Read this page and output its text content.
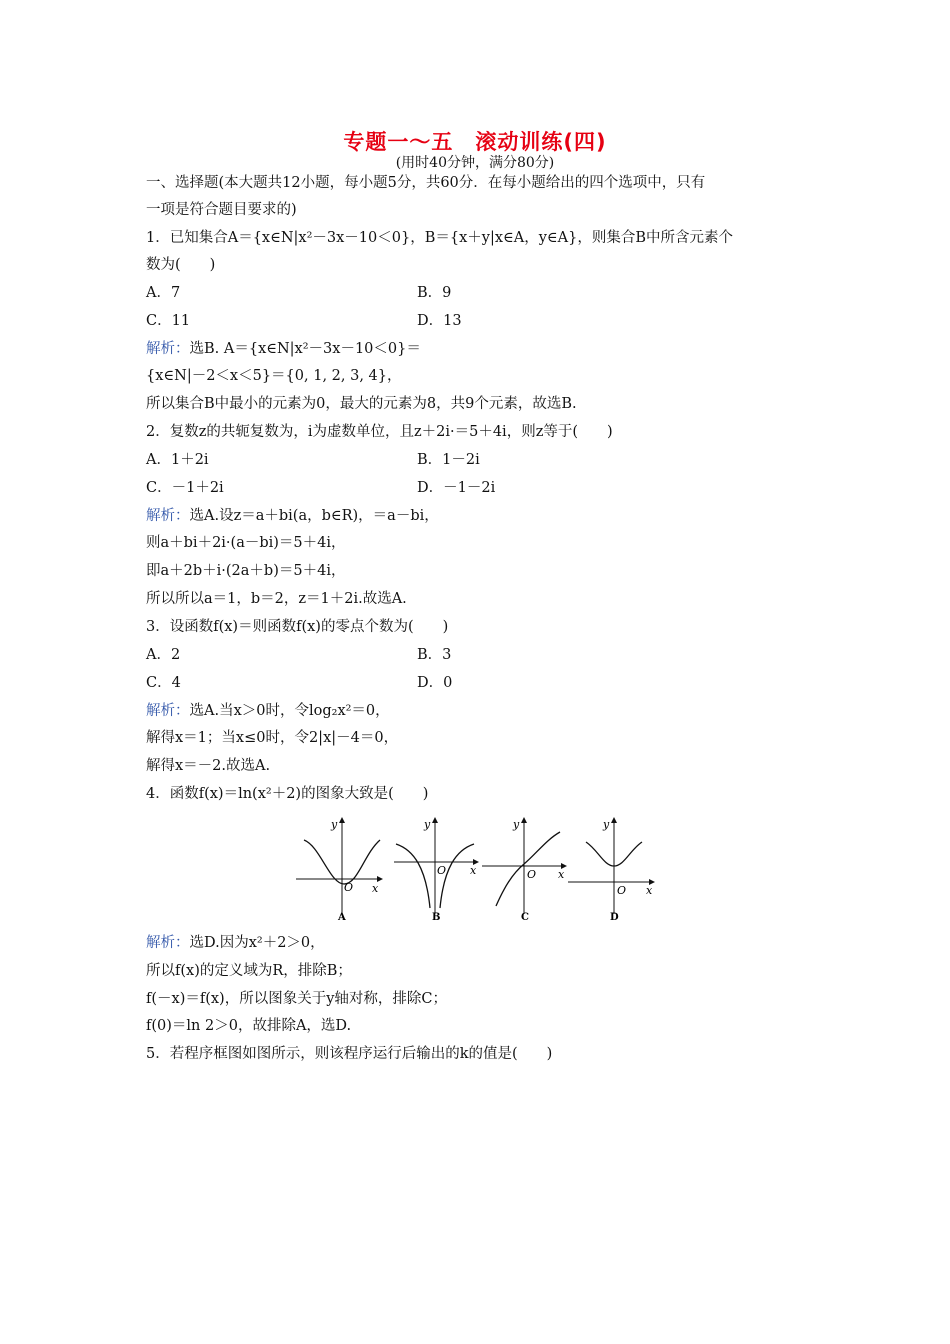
专题一～五　滚动训练(四)
(用时40分钟，满分80分)
一、选择题(本大题共12小题，每小题5分，共60分．在每小题给出的四个选项中，只有
一项是符合题目要求的)
1．已知集合A＝{x∈N|x²－3x－10＜0}，B＝{x＋y|x∈A，y∈A}，则集合B中所含元素个
数为(　　)
A．7	B．9
C．11	D．13
解析：选B. A＝{x∈N|x²－3x－10＜0}＝
{x∈N|－2＜x＜5}＝{0, 1, 2, 3, 4}，
所以集合B中最小的元素为0，最大的元素为8，共9个元素，故选B.
2．复数z的共轭复数为，i为虚数单位，且z＋2i·＝5＋4i，则z等于(　　)
A．1＋2i	B．1－2i
C．－1＋2i	D．－1－2i
解析：选A.设z＝a＋bi(a，b∈R)，＝a－bi，
则a＋bi＋2i·(a－bi)＝5＋4i，
即a＋2b＋i·(2a＋b)＝5＋4i，
所以所以a＝1，b＝2，z＝1＋2i.故选A.
3．设函数f(x)＝则函数f(x)的零点个数为(　　)
A．2	B．3
C．4	D．0
解析：选A.当x＞0时，令log₂x²＝0，
解得x＝1；当x≤0时，令2|x|－4＝0，
解得x＝－2.故选A.
4．函数f(x)＝ln(x²＋2)的图象大致是(　　)
y
x
O
A
y
x
O
B
y
x
O
C
y
x
O
D
解析：选D.因为x²＋2＞0，
所以f(x)的定义域为R，排除B；
f(－x)＝f(x)，所以图象关于y轴对称，排除C；
f(0)＝ln 2＞0，故排除A，选D.
5．若程序框图如图所示，则该程序运行后输出的k的值是(　　)
